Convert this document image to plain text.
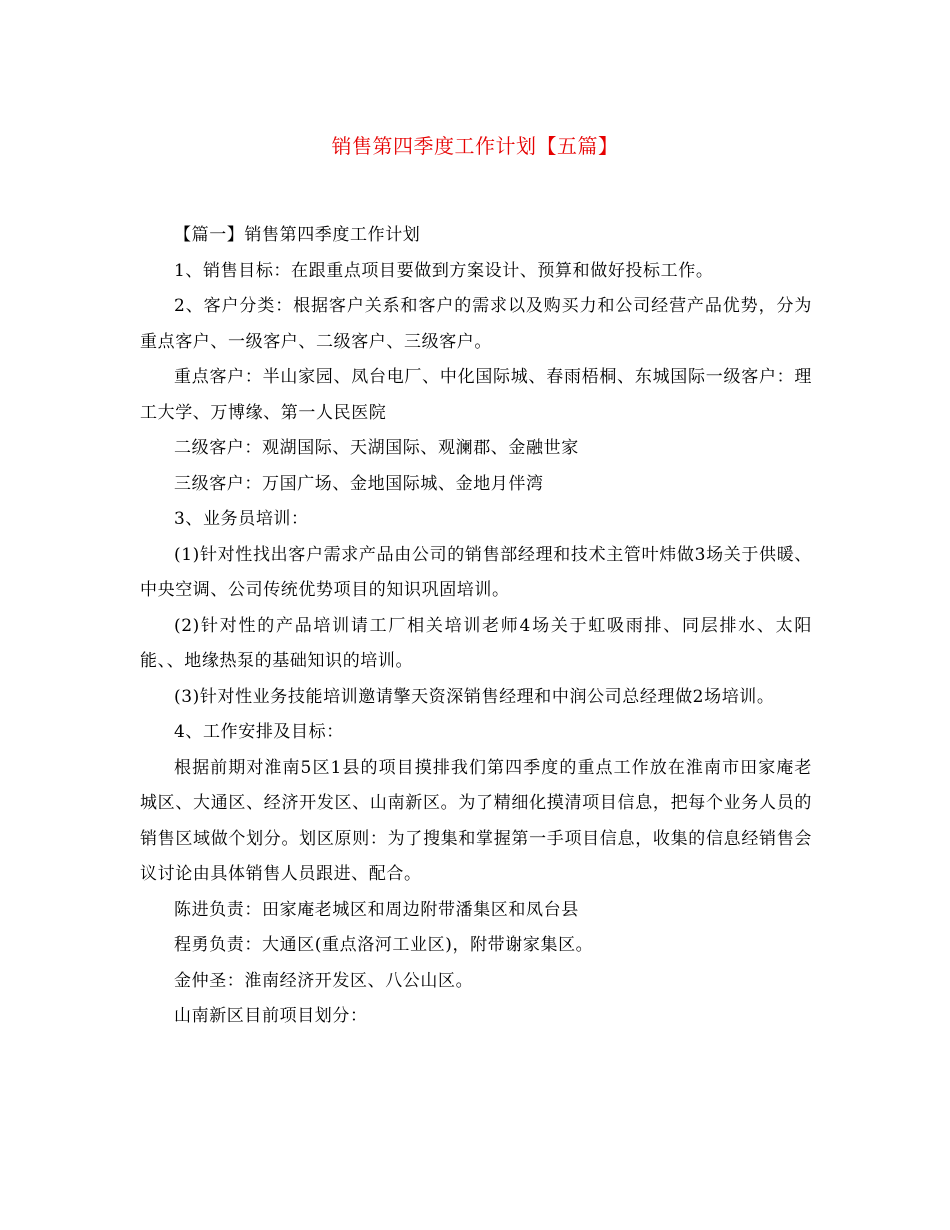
销售第四季度工作计划【五篇】

【篇一】销售第四季度工作计划

1、销售目标：在跟重点项目要做到方案设计、预算和做好投标工作。

2、客户分类：根据客户关系和客户的需求以及购买力和公司经营产品优势，分为重点客户、一级客户、二级客户、三级客户。

重点客户：半山家园、凤台电厂、中化国际城、春雨梧桐、东城国际一级客户：理工大学、万博缘、第一人民医院

二级客户：观湖国际、天湖国际、观澜郡、金融世家

三级客户：万国广场、金地国际城、金地月伴湾

3、业务员培训：

(1)针对性找出客户需求产品由公司的销售部经理和技术主管叶炜做3场关于供暖、中央空调、公司传统优势项目的知识巩固培训。

(2)针对性的产品培训请工厂相关培训老师4场关于虹吸雨排、同层排水、太阳能、、地缘热泵的基础知识的培训。

(3)针对性业务技能培训邀请擎天资深销售经理和中润公司总经理做2场培训。

4、工作安排及目标：

根据前期对淮南5区1县的项目摸排我们第四季度的重点工作放在淮南市田家庵老城区、大通区、经济开发区、山南新区。为了精细化摸清项目信息，把每个业务人员的销售区域做个划分。划区原则：为了搜集和掌握第一手项目信息，收集的信息经销售会议讨论由具体销售人员跟进、配合。

陈进负责：田家庵老城区和周边附带潘集区和凤台县

程勇负责：大通区(重点洛河工业区)，附带谢家集区。

金仲圣：淮南经济开发区、八公山区。

山南新区目前项目划分：
